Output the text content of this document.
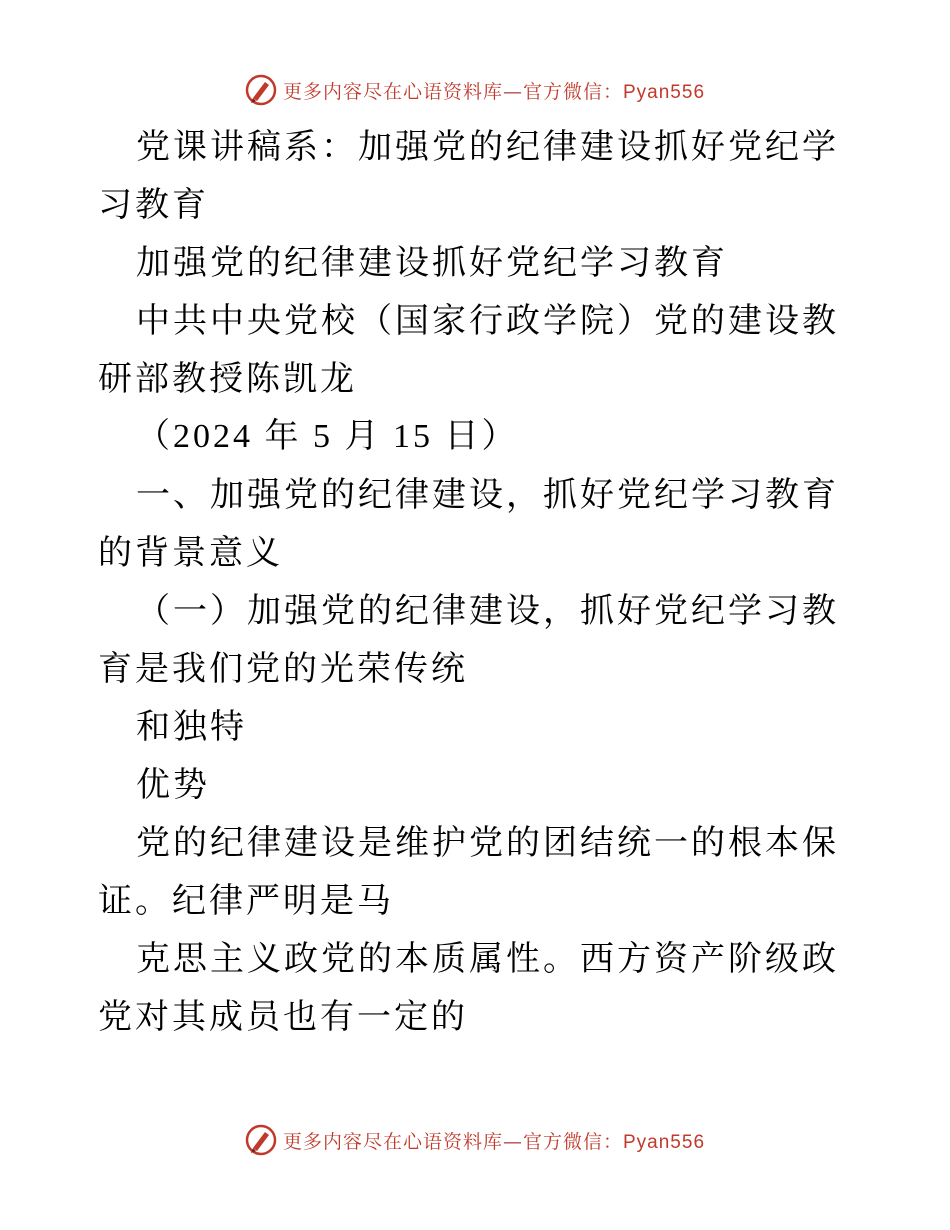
更多内容尽在心语资料库—官方微信：Pyan556

党课讲稿系：加强党的纪律建设抓好党纪学习教育

加强党的纪律建设抓好党纪学习教育

中共中央党校（国家行政学院）党的建设教研部教授陈凯龙

（2024 年 5 月 15 日）

一、加强党的纪律建设，抓好党纪学习教育的背景意义

（一）加强党的纪律建设，抓好党纪学习教育是我们党的光荣传统

和独特

优势

党的纪律建设是维护党的团结统一的根本保证。纪律严明是马

克思主义政党的本质属性。西方资产阶级政党对其成员也有一定的

更多内容尽在心语资料库—官方微信：Pyan556
